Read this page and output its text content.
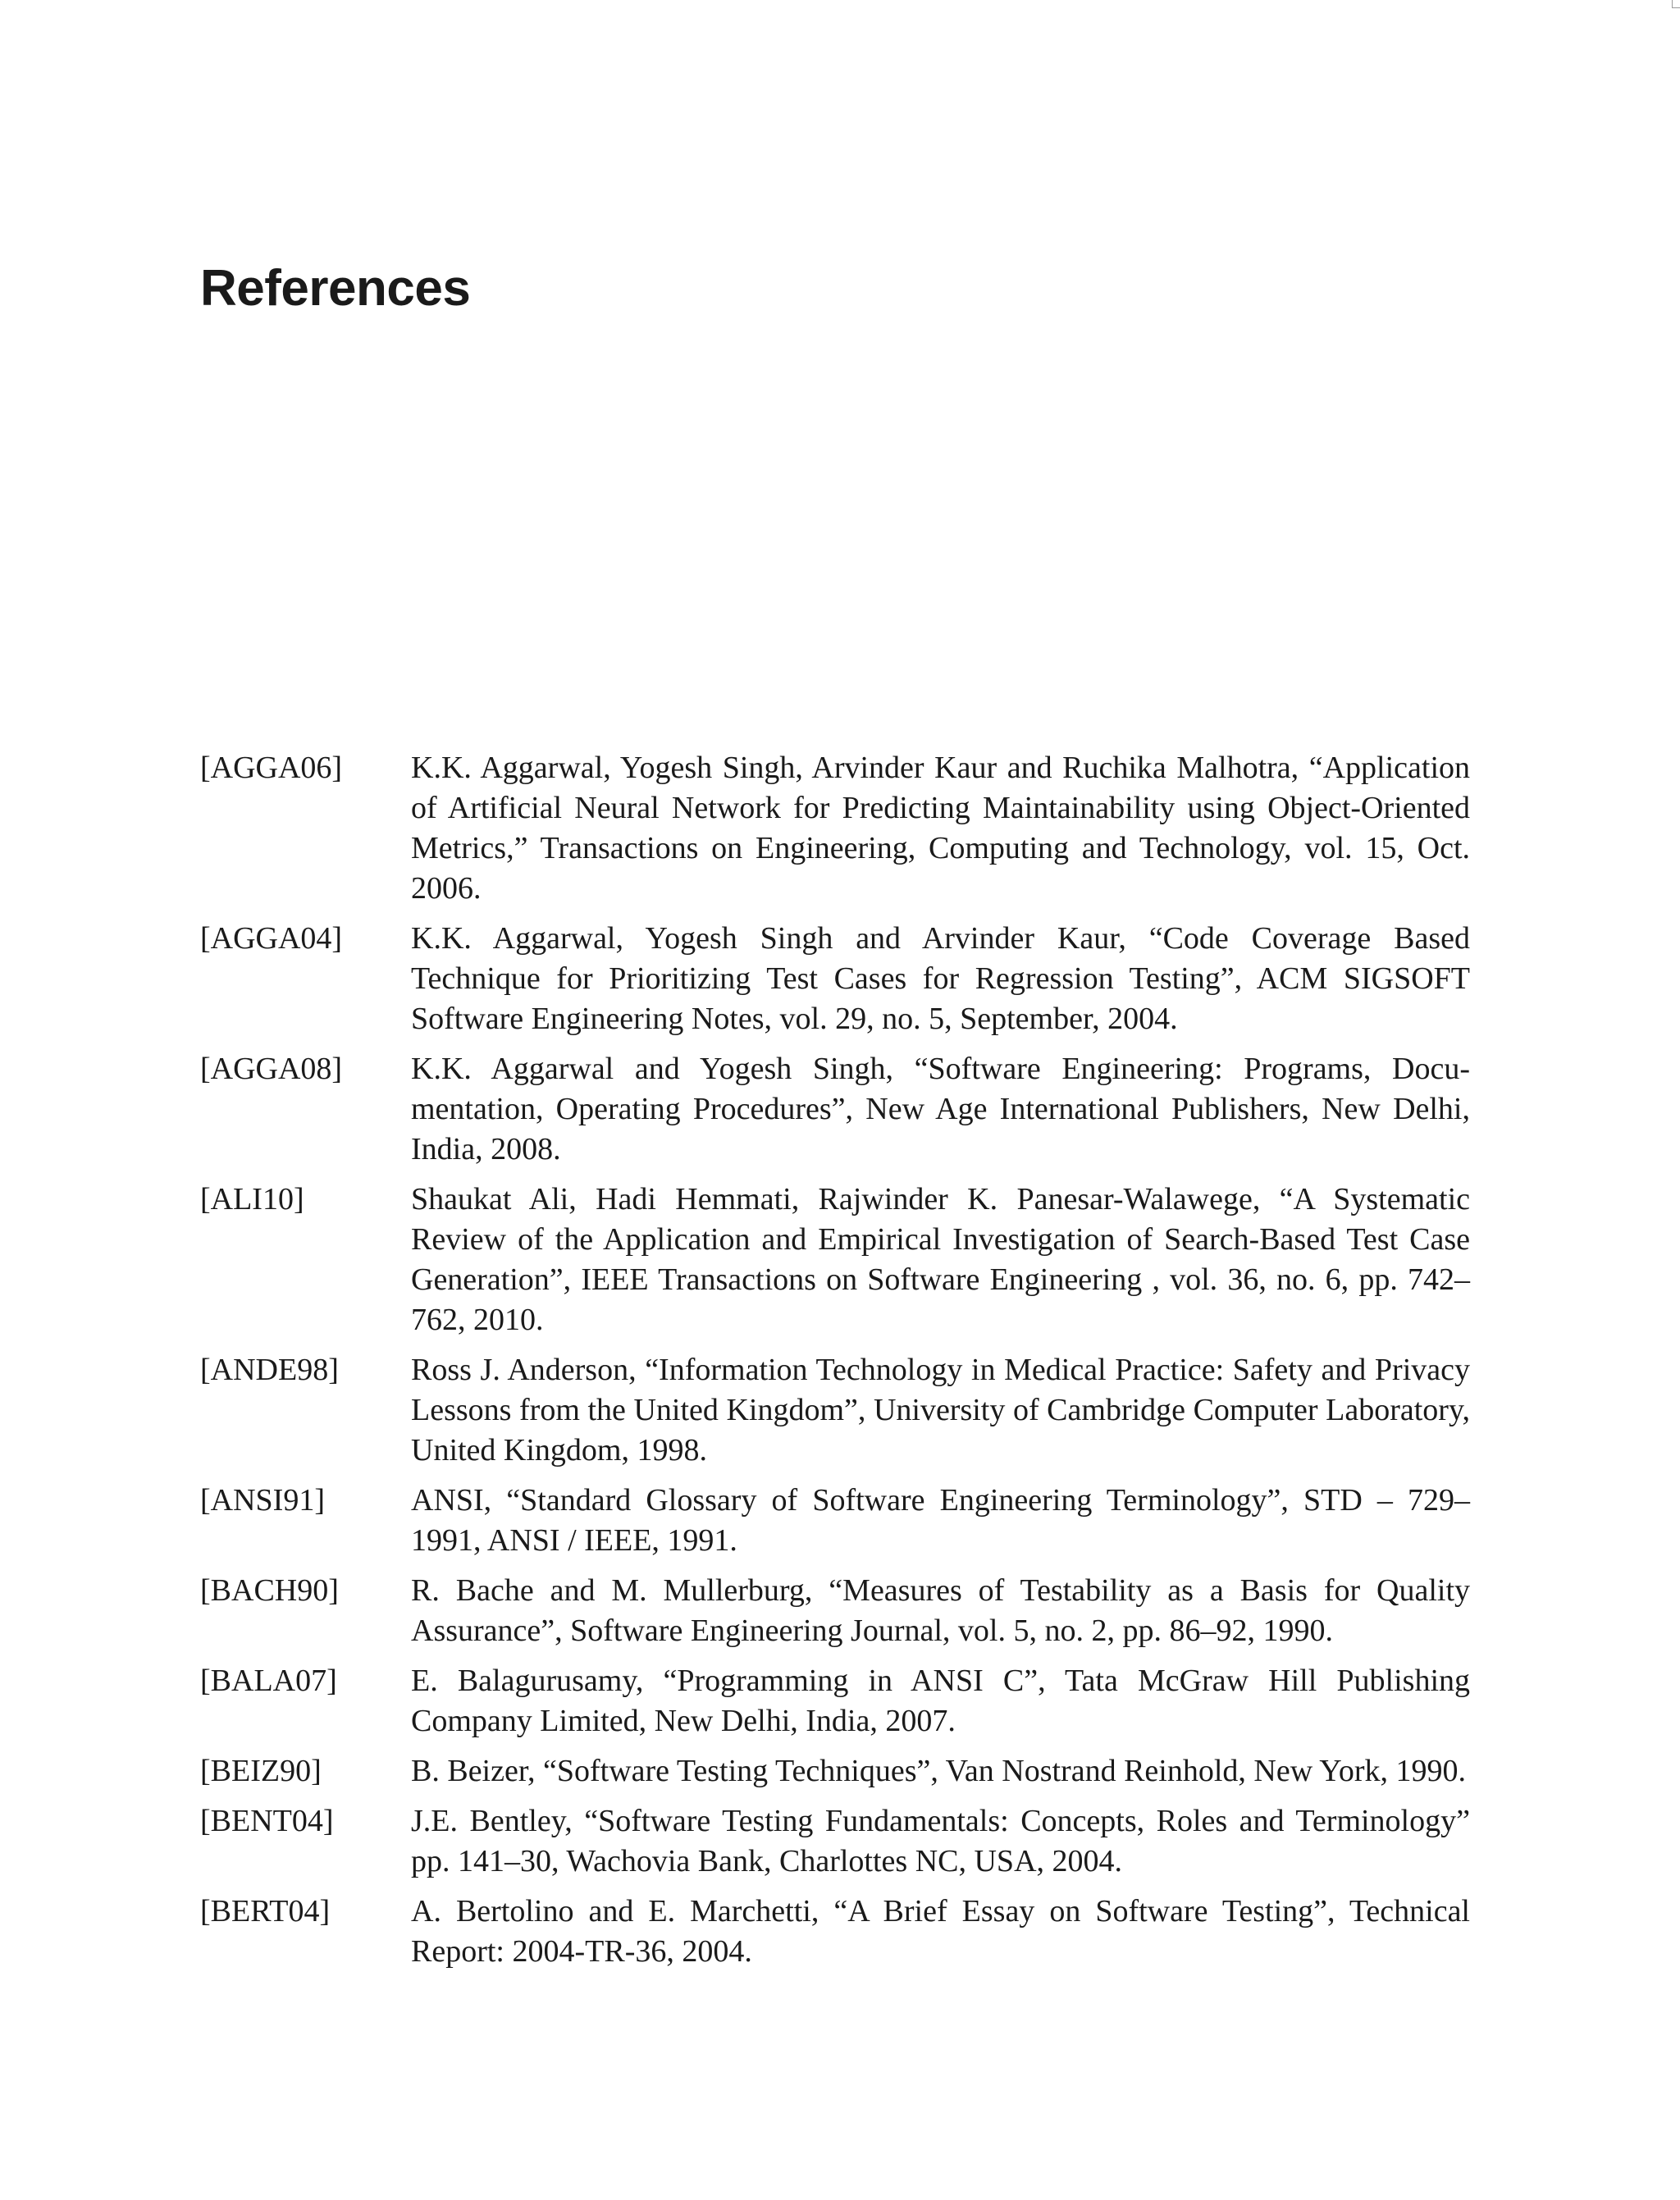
References
[AGGA06]	K.K. Aggarwal, Yogesh Singh, Arvinder Kaur and Ruchika Malhotra, “Application of Artificial Neural Network for Predicting Maintainability using Object-Oriented Metrics,” Transactions on Engineering, Computing and Technology, vol. 15, Oct. 2006.
[AGGA04]	K.K. Aggarwal, Yogesh Singh and Arvinder Kaur, “Code Coverage Based Technique for Prioritizing Test Cases for Regression Testing”, ACM SIGSOFT Software Engineering Notes, vol. 29, no. 5, September, 2004.
[AGGA08]	K.K. Aggarwal and Yogesh Singh, “Software Engineering: Programs, Documentation, Operating Procedures”, New Age International Publishers, New Delhi, India, 2008.
[ALI10]	Shaukat Ali, Hadi Hemmati, Rajwinder K. Panesar-Walawege, “A Systematic Review of the Application and Empirical Investigation of Search-Based Test Case Generation”, IEEE Transactions on Software Engineering , vol. 36, no. 6, pp. 742–762, 2010.
[ANDE98]	Ross J. Anderson, “Information Technology in Medical Practice: Safety and Privacy Lessons from the United Kingdom”, University of Cambridge Computer Laboratory, United Kingdom, 1998.
[ANSI91]	ANSI, “Standard Glossary of Software Engineering Terminology”, STD – 729–1991, ANSI / IEEE, 1991.
[BACH90]	R. Bache and M. Mullerburg, “Measures of Testability as a Basis for Quality Assurance”, Software Engineering Journal, vol. 5, no. 2, pp. 86–92, 1990.
[BALA07]	E. Balagurusamy, “Programming in ANSI C”, Tata McGraw Hill Publishing Company Limited, New Delhi, India, 2007.
[BEIZ90]	B. Beizer, “Software Testing Techniques”, Van Nostrand Reinhold, New York, 1990.
[BENT04]	J.E. Bentley, “Software Testing Fundamentals: Concepts, Roles and Terminology” pp. 141–30, Wachovia Bank, Charlottes NC, USA, 2004.
[BERT04]	A. Bertolino and E. Marchetti, “A Brief Essay on Software Testing”, Technical Report: 2004-TR-36, 2004.
